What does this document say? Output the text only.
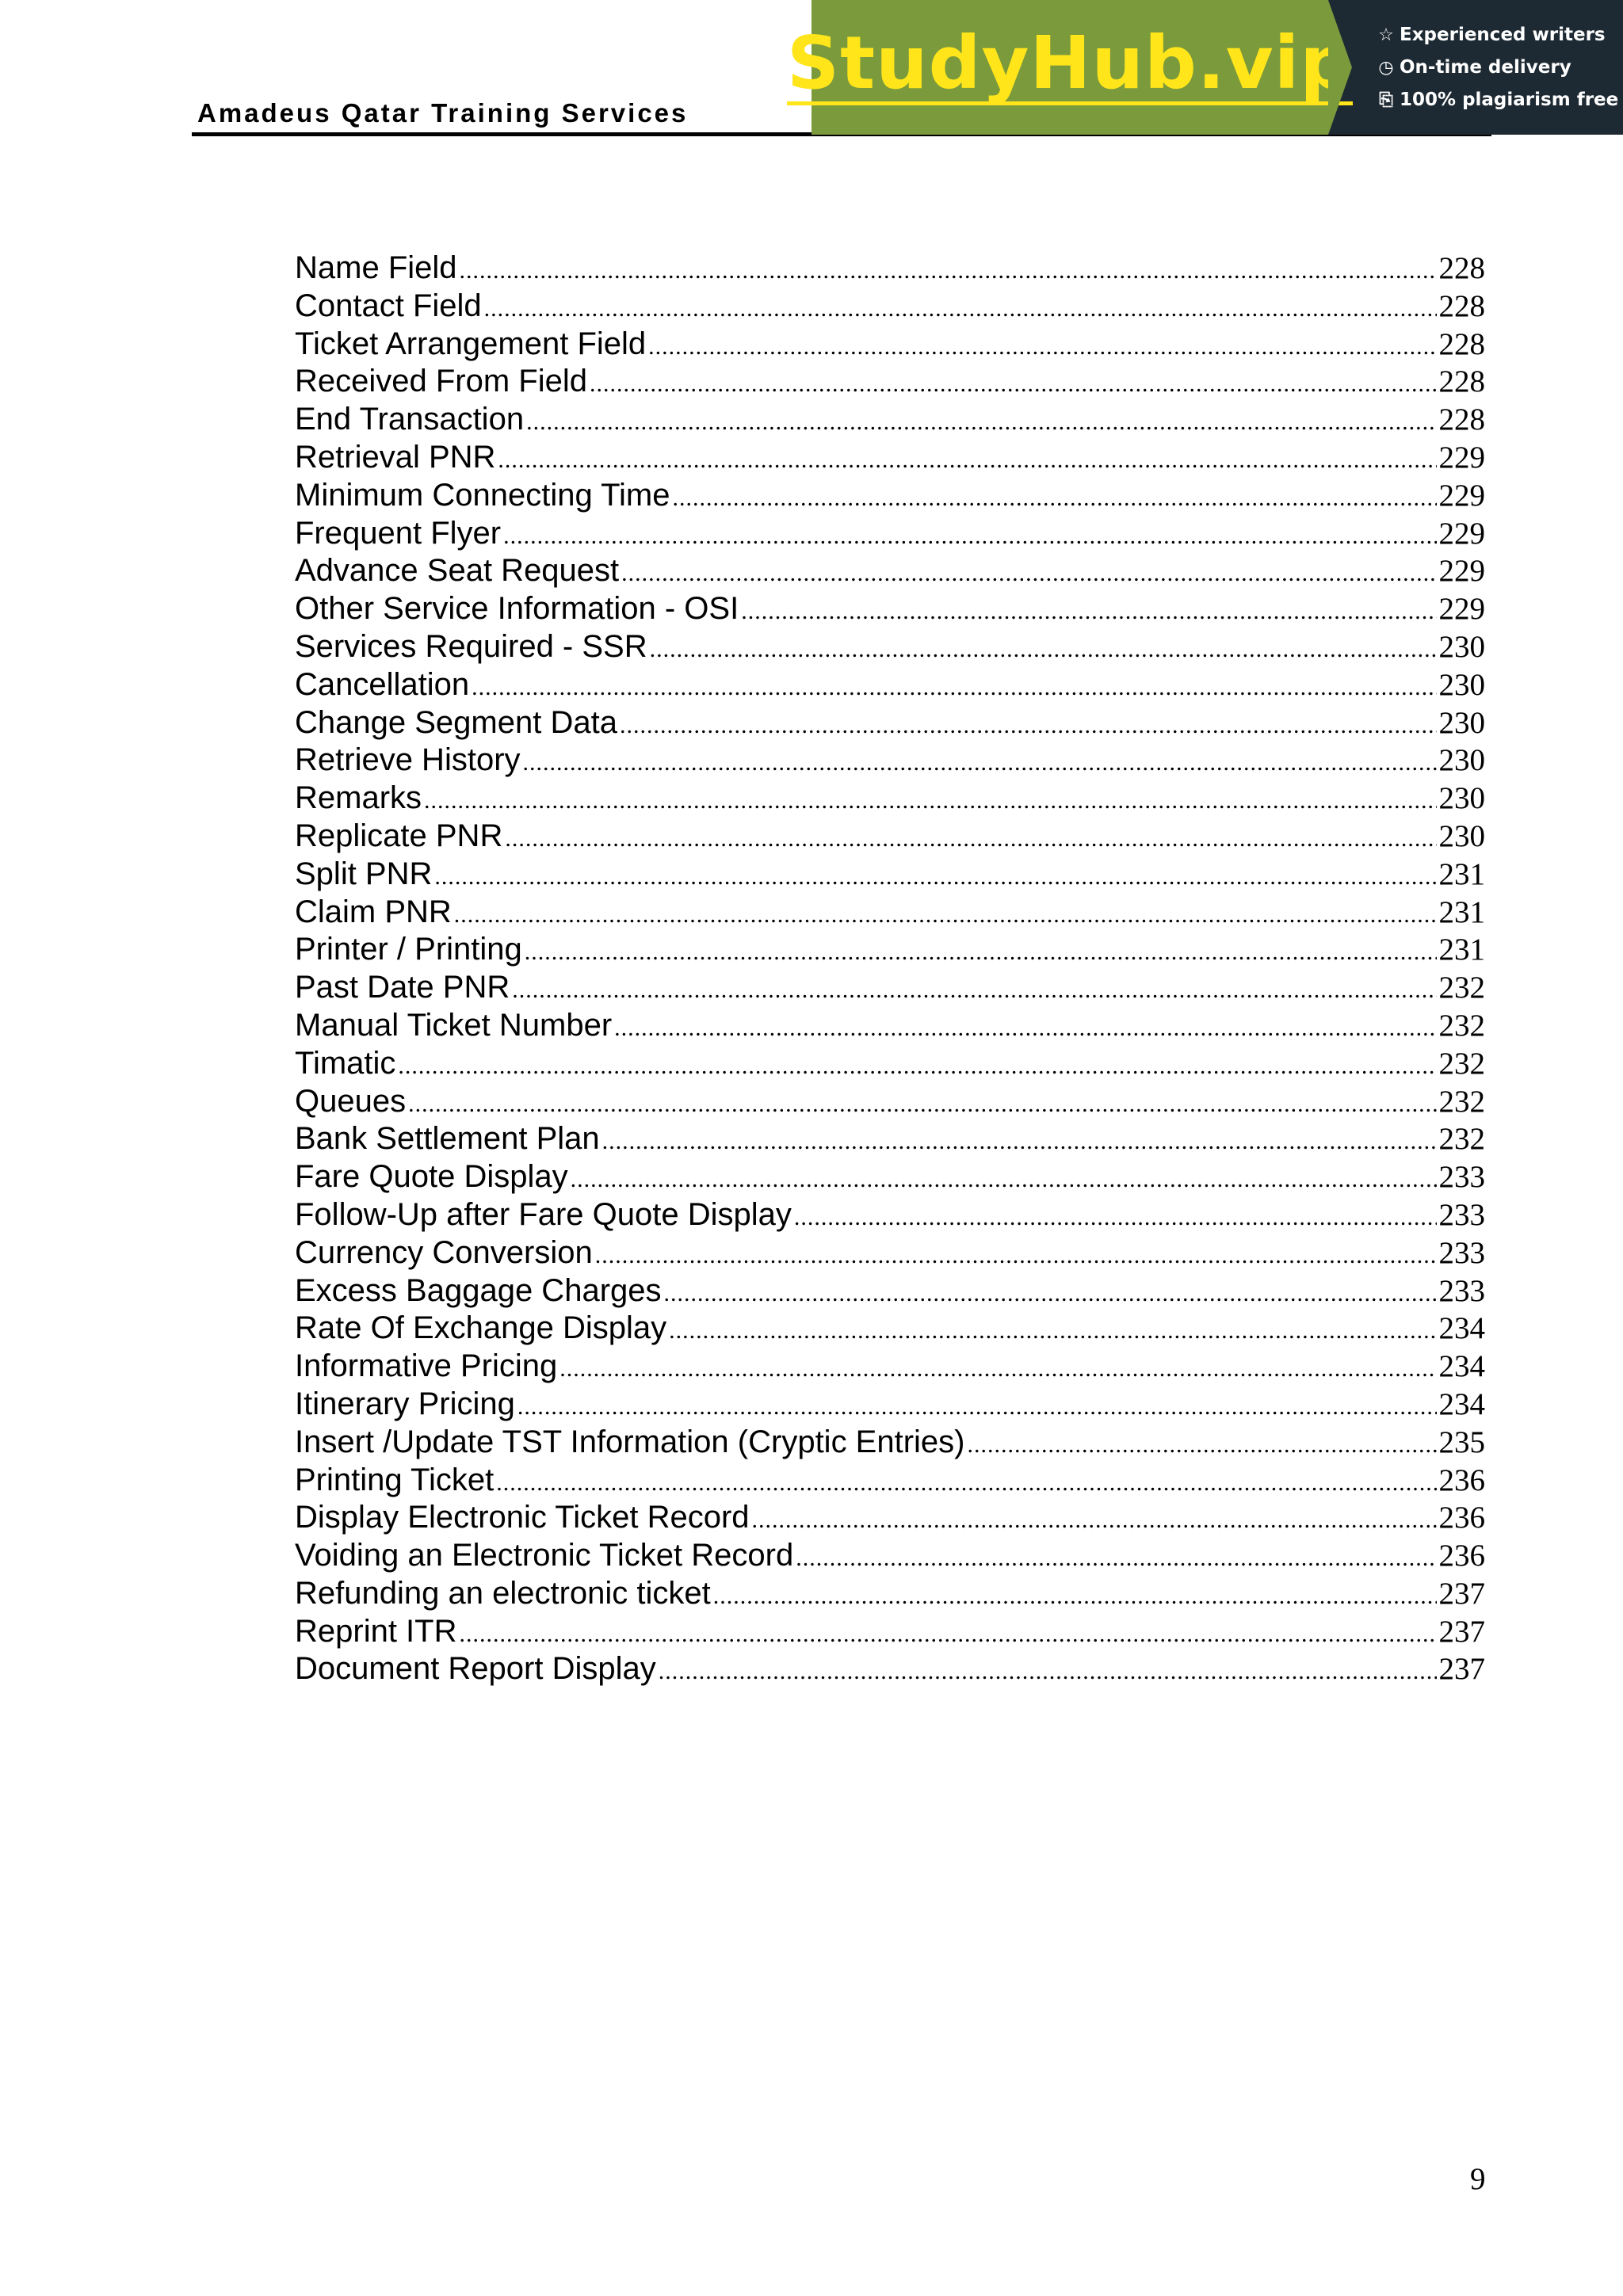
Amadeus Qatar Training Services
StudyHub.vip ☆ Experienced writers
◷ On-time delivery
⎘ 100% plagiarism free
Name Field .....	228
Contact Field .....	228
Ticket Arrangement Field .....	228
Received From Field .....	228
End Transaction .....	228
Retrieval PNR .....	229
Minimum Connecting Time .....	229
Frequent Flyer .....	229
Advance Seat Request .....	229
Other Service Information - OSI .....	229
Services Required - SSR .....	230
Cancellation .....	230
Change Segment Data .....	230
Retrieve History .....	230
Remarks .....	230
Replicate PNR .....	230
Split PNR .....	231
Claim PNR .....	231
Printer / Printing .....	231
Past Date PNR .....	232
Manual Ticket Number .....	232
Timatic .....	232
Queues .....	232
Bank Settlement Plan .....	232
Fare Quote Display .....	233
Follow-Up after Fare Quote Display .....	233
Currency Conversion .....	233
Excess Baggage Charges .....	233
Rate Of Exchange Display .....	234
Informative Pricing .....	234
Itinerary Pricing .....	234
Insert /Update TST Information (Cryptic Entries) .....	235
Printing Ticket .....	236
Display Electronic Ticket Record .....	236
Voiding an Electronic Ticket Record .....	236
Refunding an electronic ticket .....	237
Reprint ITR .....	237
Document Report Display .....	237
9
